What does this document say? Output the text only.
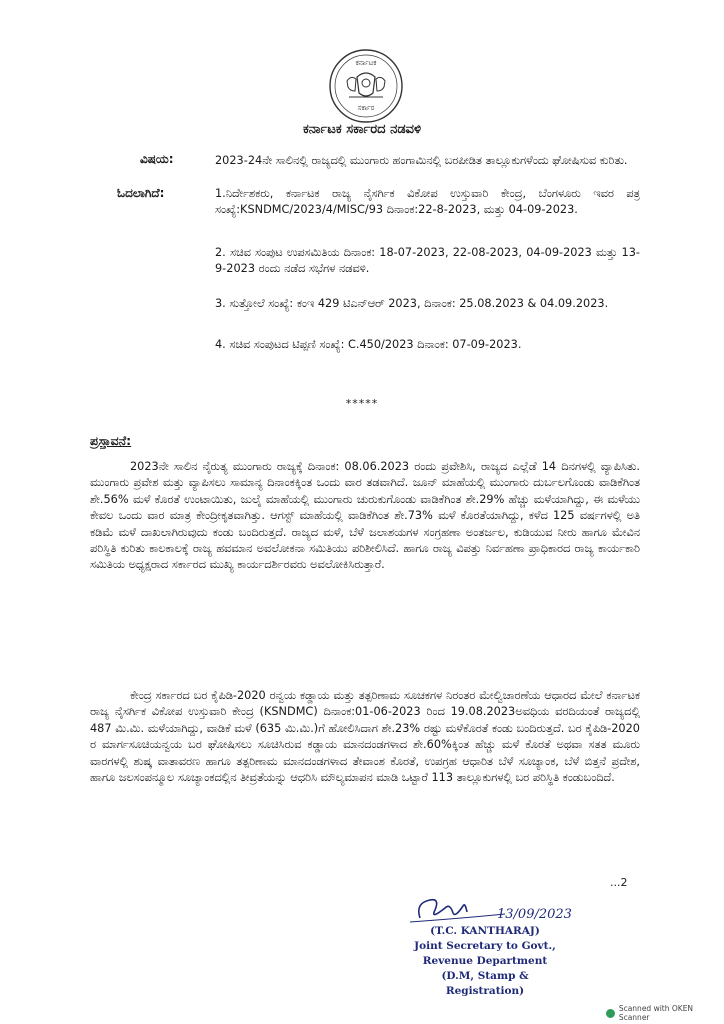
ಕರ್ನಾಟಕ
ಸರ್ಕಾರ
ಕರ್ನಾಟಕ ಸರ್ಕಾರದ ನಡವಳಿ
ವಿಷಯ:	2023-24ನೇ ಸಾಲಿನಲ್ಲಿ ರಾಜ್ಯದಲ್ಲಿ ಮುಂಗಾರು ಹಂಗಾಮಿನಲ್ಲಿ ಬರಪೀಡಿತ ತಾಲ್ಲೂಕುಗಳೆಂದು ಘೋಷಿಸುವ ಕುರಿತು.
ಓದಲಾಗಿದೆ:	1.ನಿರ್ದೇಶಕರು, ಕರ್ನಾಟಕ ರಾಜ್ಯ ನೈಸರ್ಗಿಕ ವಿಕೋಪ ಉಸ್ತುವಾರಿ ಕೇಂದ್ರ, ಬೆಂಗಳೂರು ಇವರ ಪತ್ರ ಸಂಖ್ಯೆ:KSNDMC/2023/4/MISC/93 ದಿನಾಂಕ:22-8-2023, ಮತ್ತು 04-09-2023.
2. ಸಚಿವ ಸಂಪುಟ ಉಪಸಮಿತಿಯ ದಿನಾಂಕ: 18-07-2023, 22-08-2023, 04-09-2023 ಮತ್ತು 13-9-2023 ರಂದು ನಡೆದ ಸಭೆಗಳ ನಡವಳಿ.
3. ಸುತ್ತೋಲೆ ಸಂಖ್ಯೆ: ಕಂಇ 429 ಟಿಎನ್‌ಆರ್ 2023, ದಿನಾಂಕ: 25.08.2023 & 04.09.2023.
4. ಸಚಿವ ಸಂಪುಟದ ಟಿಪ್ಪಣಿ ಸಂಖ್ಯೆ: C.450/2023 ದಿನಾಂಕ: 07-09-2023.
*****
ಪ್ರಸ್ತಾವನೆ:
2023ನೇ ಸಾಲಿನ ನೈರುತ್ಯ ಮುಂಗಾರು ರಾಜ್ಯಕ್ಕೆ ದಿನಾಂಕ: 08.06.2023 ರಂದು ಪ್ರವೇಶಿಸಿ, ರಾಜ್ಯದ ಎಲ್ಲೆಡೆ 14 ದಿನಗಳಲ್ಲಿ ವ್ಯಾಪಿಸಿತು. ಮುಂಗಾರು ಪ್ರವೇಶ ಮತ್ತು ವ್ಯಾಪಿಸಲು ಸಾಮಾನ್ಯ ದಿನಾಂಕಕ್ಕಿಂತ ಒಂದು ವಾರ ತಡವಾಗಿದೆ. ಜೂನ್ ಮಾಹೆಯಲ್ಲಿ ಮುಂಗಾರು ದುರ್ಬಲಗೊಂಡು ವಾಡಿಕೆಗಿಂತ ಶೇ.56% ಮಳೆ ಕೊರತೆ ಉಂಟಾಯಿತು, ಜುಲೈ ಮಾಹೆಯಲ್ಲಿ ಮುಂಗಾರು ಚುರುಕುಗೊಂಡು ವಾಡಿಕೆಗಿಂತ ಶೇ.29% ಹೆಚ್ಚು ಮಳೆಯಾಗಿದ್ದು, ಈ ಮಳೆಯು ಕೇವಲ ಒಂದು ವಾರ ಮಾತ್ರ ಕೇಂದ್ರೀಕೃತವಾಗಿತ್ತು. ಆಗಸ್ಟ್ ಮಾಹೆಯಲ್ಲಿ ವಾಡಿಕೆಗಿಂತ ಶೇ.73% ಮಳೆ ಕೊರತೆಯಾಗಿದ್ದು, ಕಳೆದ 125 ವರ್ಷಗಳಲ್ಲಿ ಅತಿ ಕಡಿಮೆ ಮಳೆ ದಾಖಲಾಗಿರುವುದು ಕಂಡು ಬಂದಿರುತ್ತದೆ. ರಾಜ್ಯದ ಮಳೆ, ಬೆಳೆ ಜಲಾಶಯಗಳ ಸಂಗ್ರಹಣಾ ಅಂತರ್ಜಲ, ಕುಡಿಯುವ ನೀರು ಹಾಗೂ ಮೇವಿನ ಪರಿಸ್ಥಿತಿ ಕುರಿತು ಕಾಲಕಾಲಕ್ಕೆ ರಾಜ್ಯ ಹವಮಾನ ಅವಲೋಕನಾ ಸಮಿತಿಯು ಪರಿಶೀಲಿಸಿದೆ. ಹಾಗೂ ರಾಜ್ಯ ವಿಪತ್ತು ನಿರ್ವಹಣಾ ಪ್ರಾಧಿಕಾರದ ರಾಜ್ಯ ಕಾರ್ಯಕಾರಿ ಸಮಿತಿಯ ಅಧ್ಯಕ್ಷರಾದ ಸರ್ಕಾರದ ಮುಖ್ಯ ಕಾರ್ಯದರ್ಶಿರವರು ಅವಲೋಕಿಸಿರುತ್ತಾರೆ.
ಕೇಂದ್ರ ಸರ್ಕಾರದ ಬರ ಕೈಪಿಡಿ-2020 ರನ್ವಯ ಕಡ್ಡಾಯ ಮತ್ತು ತತ್ಪರಿಣಾಮ ಸೂಚಕಗಳ ನಿರಂತರ ಮೇಲ್ವಿಚಾರಣೆಯ ಆಧಾರದ ಮೇಲೆ ಕರ್ನಾಟಕ ರಾಜ್ಯ ನೈಸರ್ಗಿಕ ವಿಕೋಪ ಉಸ್ತುವಾರಿ ಕೇಂದ್ರ (KSNDMC) ದಿನಾಂಕ:01-06-2023 ರಿಂದ 19.08.2023ಅವಧಿಯ ವರದಿಯಂತೆ ರಾಜ್ಯದಲ್ಲಿ 487 ಮಿ.ಮಿ. ಮಳೆಯಾಗಿದ್ದು, ವಾಡಿಕೆ ಮಳೆ (635 ಮಿ.ಮಿ.)ಗೆ ಹೋಲಿಸಿದಾಗ ಶೇ.23% ರಷ್ಟು ಮಳೆಕೊರತೆ ಕಂಡು ಬಂದಿರುತ್ತದೆ. ಬರ ಕೈಪಿಡಿ-2020 ರ ಮಾರ್ಗಸೂಚಿಯನ್ವಯ ಬರ ಘೋಷಿಸಲು ಸೂಚಿಸಿರುವ ಕಡ್ಡಾಯ ಮಾನದಂಡಗಳಾದ ಶೇ.60%ಕ್ಕಿಂತ ಹೆಚ್ಚು ಮಳೆ ಕೊರತೆ ಅಥವಾ ಸತತ ಮೂರು ವಾರಗಳಲ್ಲಿ ಶುಷ್ಕ ವಾತಾವರಣ ಹಾಗೂ ತತ್ಪರಿಣಾಮ ಮಾನದಂಡಗಳಾದ ತೇವಾಂಶ ಕೊರತೆ, ಉಪಗ್ರಹ ಆಧಾರಿತ ಬೆಳೆ ಸೂಚ್ಯಾಂಕ, ಬೆಳೆ ಬಿತ್ತನೆ ಪ್ರದೇಶ, ಹಾಗೂ ಜಲಸಂಪನ್ಮೂಲ ಸೂಚ್ಯಾಂಕದಲ್ಲಿನ ತೀವ್ರತೆಯನ್ನು ಆಧರಿಸಿ ಮೌಲ್ಯಮಾಪನ ಮಾಡಿ ಒಟ್ಟಾರೆ 113 ತಾಲ್ಲೂಕುಗಳಲ್ಲಿ ಬರ ಪರಿಸ್ಥಿತಿ ಕಂಡುಬಂದಿದೆ.
...2
13/09/2023
(T.C. KANTHARAJ)
Joint Secretary to Govt.,
Revenue Department
(D.M, Stamp & Registration)
Scanned with OKEN Scanner
